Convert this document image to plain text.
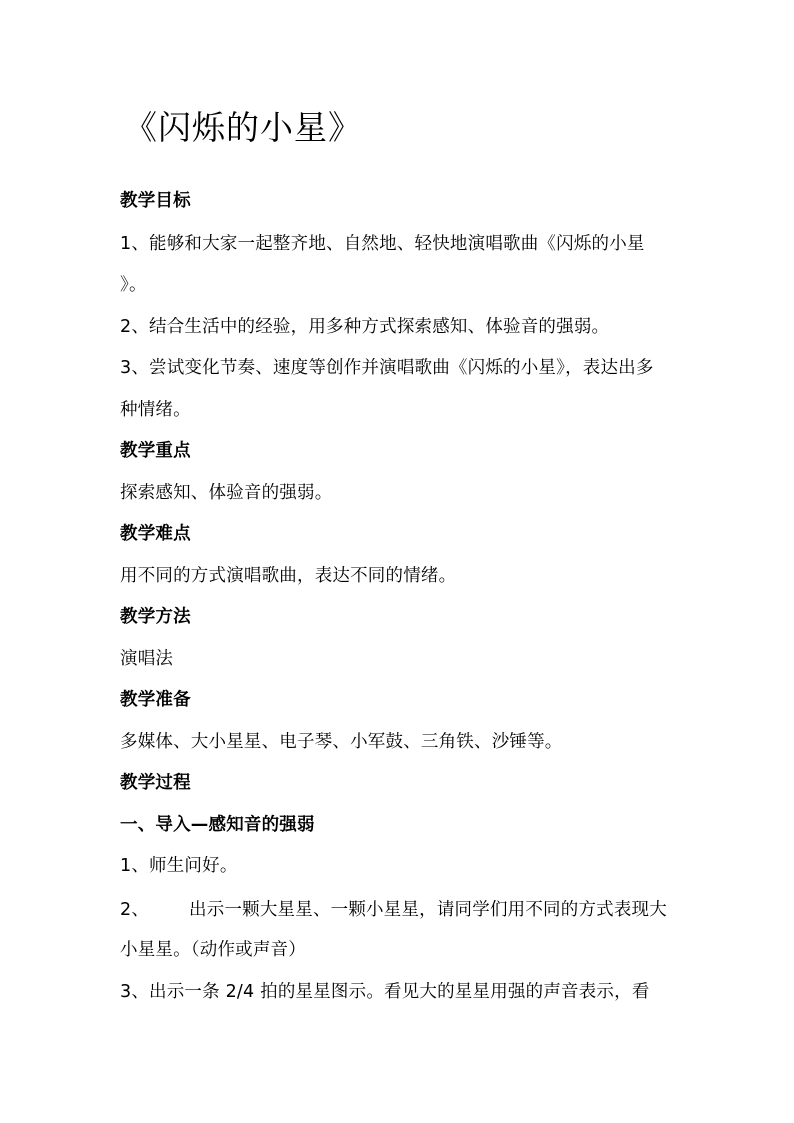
《闪烁的小星》
教学目标
1、能够和大家一起整齐地、自然地、轻快地演唱歌曲《闪烁的小星
》。
2、结合生活中的经验，用多种方式探索感知、体验音的强弱。
3、尝试变化节奏、速度等创作并演唱歌曲《闪烁的小星》，表达出多
种情绪。
教学重点
探索感知、体验音的强弱。
教学难点
用不同的方式演唱歌曲，表达不同的情绪。
教学方法
演唱法
教学准备
多媒体、大小星星、电子琴、小军鼓、三角铁、沙锤等。
教学过程
一、导入—感知音的强弱
1、师生问好。
2、 出示一颗大星星、一颗小星星，请同学们用不同的方式表现大
小星星。（动作或声音）
3、出示一条 2/4 拍的星星图示。看见大的星星用强的声音表示，看
